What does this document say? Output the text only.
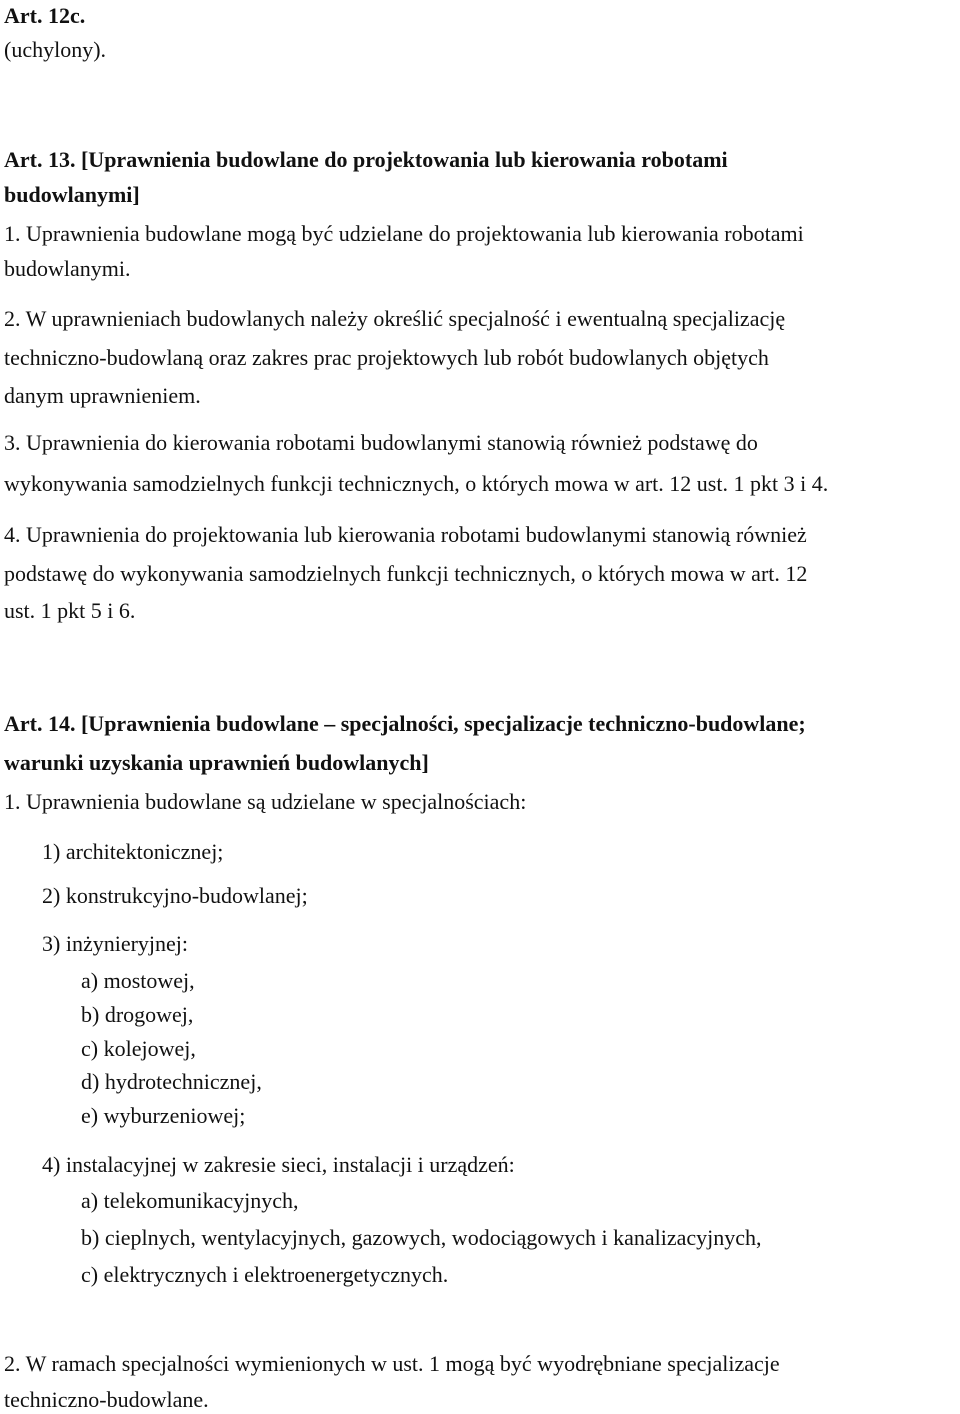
Art. 12c.
(uchylony).
Art. 13. [Uprawnienia budowlane do projektowania lub kierowania robotami
budowlanymi]
1. Uprawnienia budowlane mogą być udzielane do projektowania lub kierowania robotami
budowlanymi.
2. W uprawnieniach budowlanych należy określić specjalność i ewentualną specjalizację
techniczno-budowlaną oraz zakres prac projektowych lub robót budowlanych objętych
danym uprawnieniem.
3. Uprawnienia do kierowania robotami budowlanymi stanowią również podstawę do
wykonywania samodzielnych funkcji technicznych, o których mowa w art. 12 ust. 1 pkt 3 i 4.
4. Uprawnienia do projektowania lub kierowania robotami budowlanymi stanowią również
podstawę do wykonywania samodzielnych funkcji technicznych, o których mowa w art. 12
ust. 1 pkt 5 i 6.
Art. 14. [Uprawnienia budowlane – specjalności, specjalizacje techniczno-budowlane;
warunki uzyskania uprawnień budowlanych]
1. Uprawnienia budowlane są udzielane w specjalnościach:
1) architektonicznej;
2) konstrukcyjno-budowlanej;
3) inżynieryjnej:
a) mostowej,
b) drogowej,
c) kolejowej,
d) hydrotechnicznej,
e) wyburzeniowej;
4) instalacyjnej w zakresie sieci, instalacji i urządzeń:
a) telekomunikacyjnych,
b) cieplnych, wentylacyjnych, gazowych, wodociągowych i kanalizacyjnych,
c) elektrycznych i elektroenergetycznych.
2. W ramach specjalności wymienionych w ust. 1 mogą być wyodrębniane specjalizacje
techniczno-budowlane.
